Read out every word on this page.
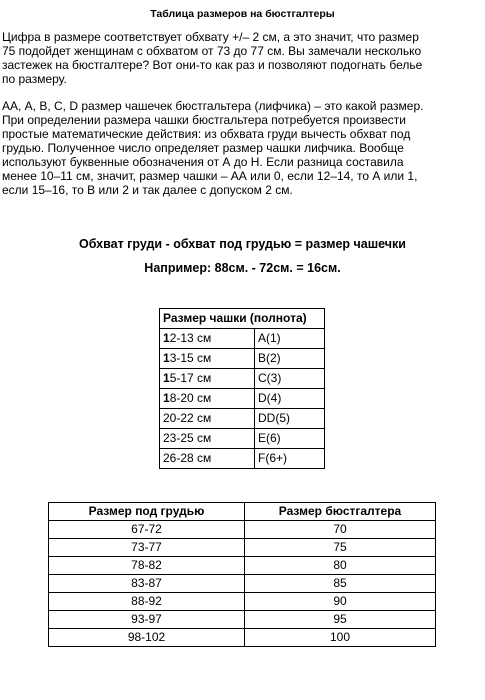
Таблица размеров на бюстгалтеры

Цифра в размере соответствует обхвату +/– 2 см, а это значит, что размер
75 подойдет женщинам с обхватом от 73 до 77 см. Вы замечали несколько
застежек на бюстгалтере? Вот они-то как раз и позволяют подогнать белье
по размеру.

АА, А, В, С, D размер чашечек бюстгальтера (лифчика) – это какой размер.
При определении размера чашки бюстгальтера потребуется произвести
простые математические действия: из обхвата груди вычесть обхват под
грудью. Полученное число определяет размер чашки лифчика. Вообще
используют буквенные обозначения от А до Н. Если разница составила
менее 10–11 см, значит, размер чашки – АА или 0, если 12–14, то А или 1,
если 15–16, то В или 2 и так далее с допуском 2 см.

Обхват груди - обхват под грудью = размер чашечки
Например: 88см. - 72см. = 16см.
Размер чашки (полнота)	
12-13 см	A(1)
13-15 см	B(2)
15-17 см	C(3)
18-20 см	D(4)
20-22 см	DD(5)
23-25 см	E(6)
26-28 см	F(6+)
Размер под грудью	Размер бюстгалтера
67-72	70
73-77	75
78-82	80
83-87	85
88-92	90
93-97	95
98-102	100
